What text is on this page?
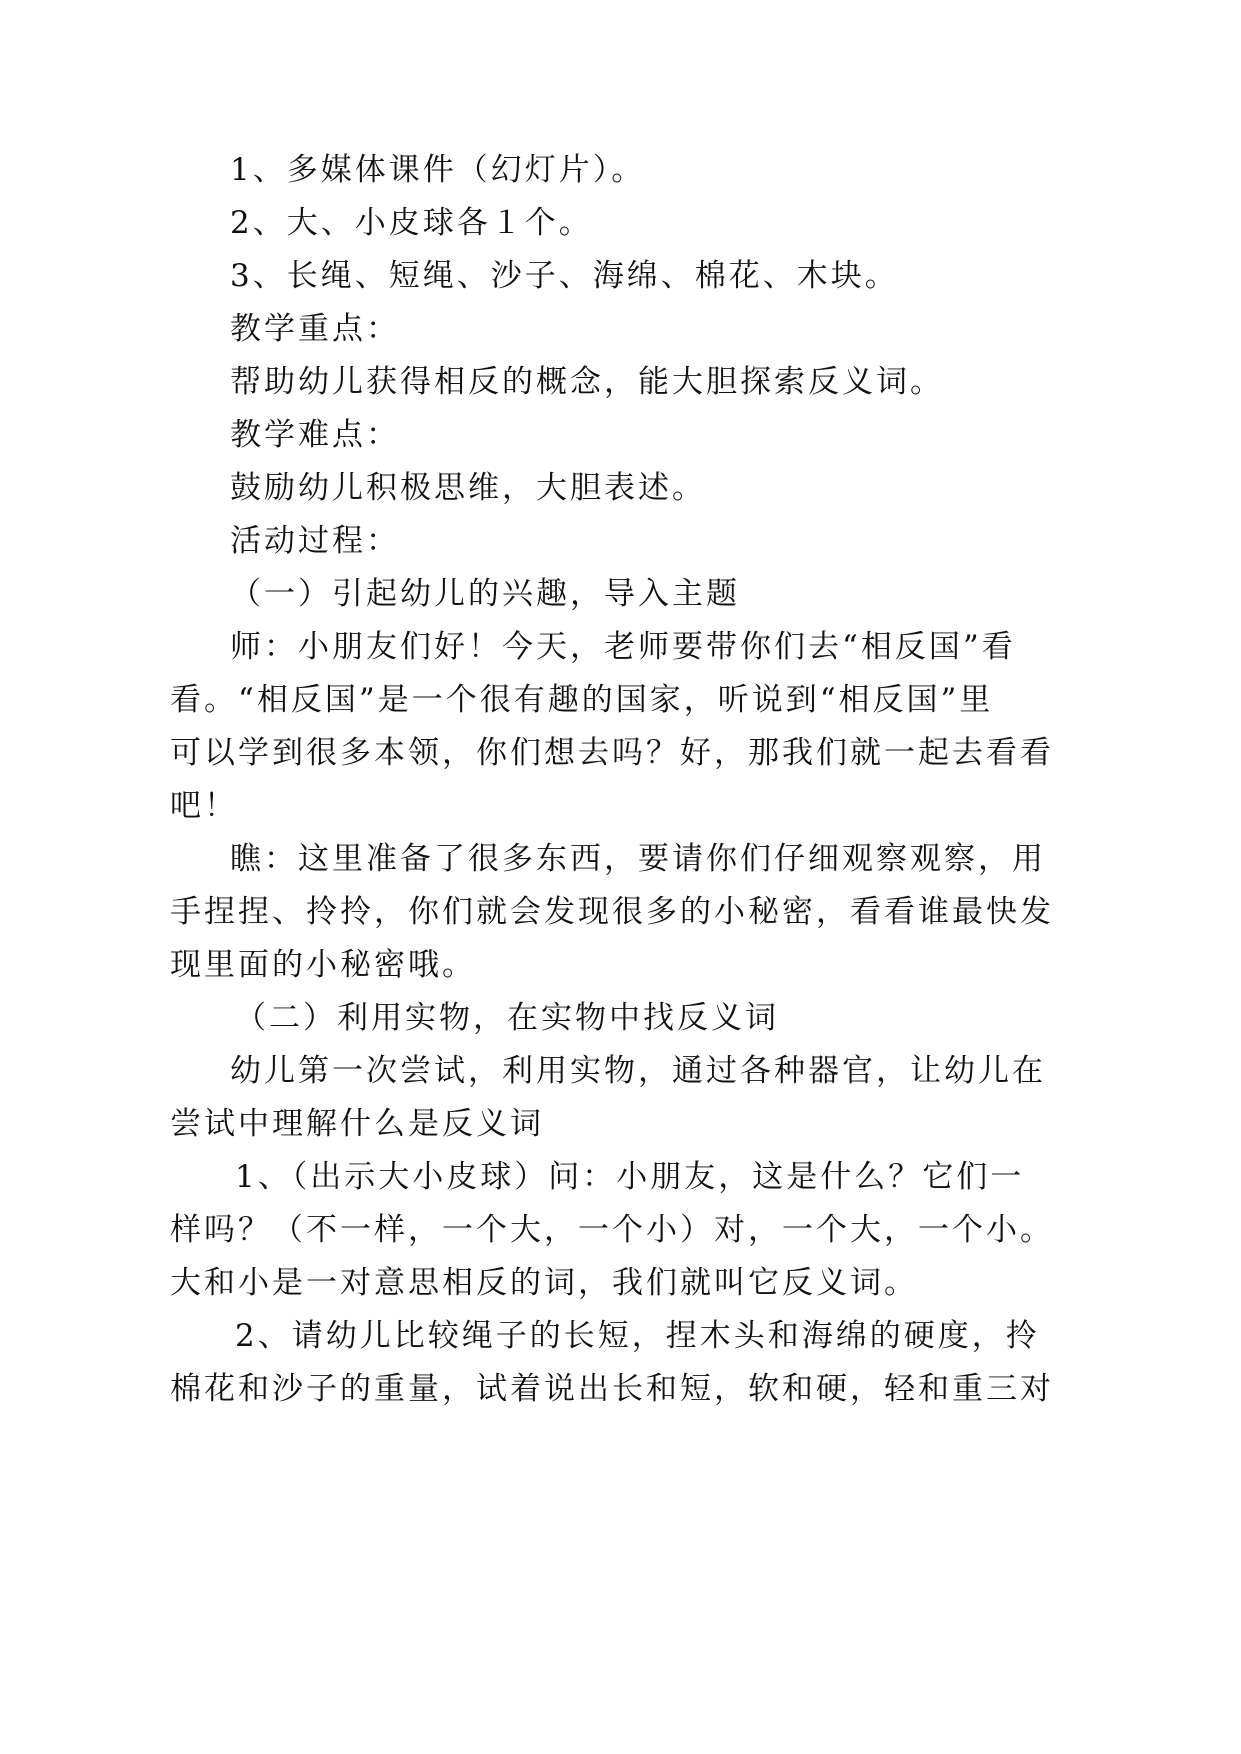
1、多媒体课件（幻灯片）。
2、大、小皮球各１个。
3、长绳、短绳、沙子、海绵、棉花、木块。
教学重点：
帮助幼儿获得相反的概念，能大胆探索反义词。
教学难点：
鼓励幼儿积极思维，大胆表述。
活动过程：
（一）引起幼儿的兴趣，导入主题
师：小朋友们好！今天，老师要带你们去“相反国”看
看。“相反国”是一个很有趣的国家，听说到“相反国”里
可以学到很多本领，你们想去吗？好，那我们就一起去看看
吧！
瞧：这里准备了很多东西，要请你们仔细观察观察，用
手捏捏、拎拎，你们就会发现很多的小秘密，看看谁最快发
现里面的小秘密哦。
（二）利用实物，在实物中找反义词
幼儿第一次尝试，利用实物，通过各种器官，让幼儿在
尝试中理解什么是反义词
1、（出示大小皮球）问：小朋友，这是什么？它们一
样吗？（不一样，一个大，一个小）对，一个大，一个小。
大和小是一对意思相反的词，我们就叫它反义词。
2、请幼儿比较绳子的长短，捏木头和海绵的硬度，拎
棉花和沙子的重量，试着说出长和短，软和硬，轻和重三对
